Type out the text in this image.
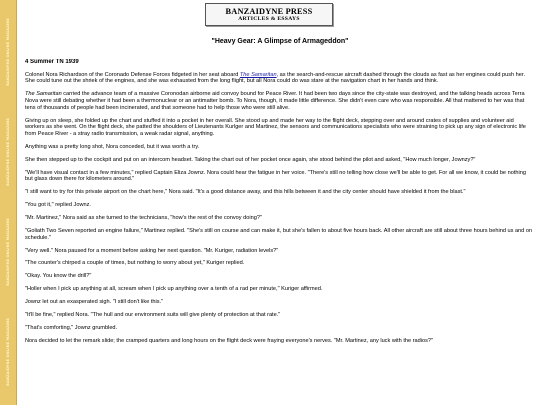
BANZAIDYNE ONLINE MAGAZINE
BANZAIDYNE ONLINE MAGAZINE
BANZAIDYNE ONLINE MAGAZINE
BANZAIDYNE ONLINE MAGAZINE
BANZAIDYNE PRESS
ARTICLES & ESSAYS
"Heavy Gear: A Glimpse of Armageddon"

4 Summer TN 1939

Colonel Nora Richardson of the Coronado Defense Forces fidgeted in her seat aboard The Samaritan, as the search-and-rescue aircraft dashed through the clouds as fast as her engines could push her. She could tune out the shriek of the engines, and she was exhausted from the long flight, but all Nora could do was stare at the navigation chart in her hands and think.

The Samaritan carried the advance team of a massive Coronodan airborne aid convoy bound for Peace River. It had been two days since the city-state was destroyed, and the talking heads across Terra Nova were still debating whether it had been a thermonuclear or an antimatter bomb. To Nora, though, it made little difference. She didn't even care who was responsible. All that mattered to her was that tens of thousands of people had been incinerated, and that someone had to help those who were still alive.

Giving up on sleep, she folded up the chart and stuffed it into a pocket in her overall. She stood up and made her way to the flight deck, stepping over and around crates of supplies and volunteer aid workers as she went. On the flight deck, she patted the shoulders of Lieutenants Kurlger and Martinez, the sensors and communications specialists who were straining to pick up any sign of electronic life from Peace River - a stray radio transmission, a weak radar signal, anything.

Anything was a pretty long shot, Nora conceded, but it was worth a try.

She then stepped up to the cockpit and put on an intercom headset. Taking the chart out of her pocket once again, she stood behind the pilot and asked, "How much longer, Jownzy?"

"We'll have visual contact in a few minutes," replied Captain Eliza Jownz. Nora could hear the fatigue in her voice. "There's still no telling how close we'll be able to get. For all we know, it could be nothing but glass down there for kilometers around."

"I still want to try for this private airport on the chart here," Nora said. "It's a good distance away, and this hills between it and the city center should have shielded it from the blast."

"You got it," replied Jownz.

"Mr. Martinez," Nora said as she turned to the technicians, "how's the rest of the convoy doing?"

"Goliath Two Seven reported an engine failure," Martinez replied. "She's still on course and can make it, but she's fallen to about five hours back. All other aircraft are still about three hours behind us and on schedule."

"Very well." Nora paused for a moment before asking her next question. "Mr. Kuriger, radiation levels?"

"The counter's chirped a couple of times, but nothing to worry about yet," Kuriger replied.

"Okay. You know the drill?"

"Holler when I pick up anything at all, scream when I pick up anything over a tenth of a rad per minute," Kuriger affirmed.

Jownz let out an exasperated sigh. "I still don't like this."

"It'll be fine," replied Nora. "The hull and our environment suits will give plenty of protection at that rate."

"That's comforting," Jownz grumbled.

Nora decided to let the remark slide; the cramped quarters and long hours on the flight deck were fraying everyone's nerves. "Mr. Martinez, any luck with the radios?"
